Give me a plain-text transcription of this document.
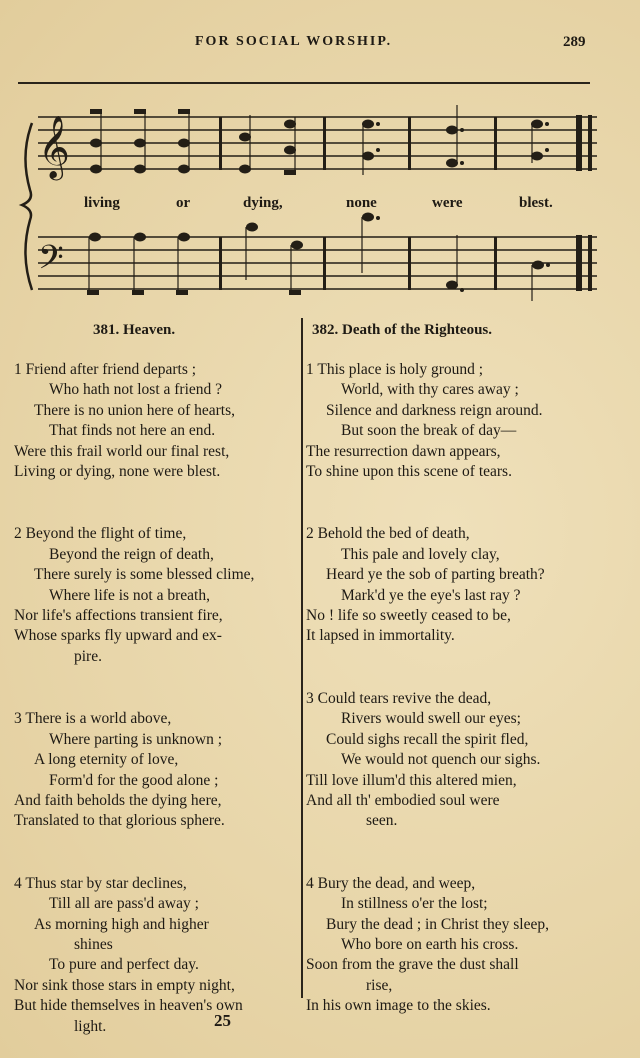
FOR SOCIAL WORSHIP.	289
𝄞
𝄢
living	or	dying,	none	were	blest.
381. Heaven.
1 Friend after friend departs ;
Who hath not lost a friend ?
There is no union here of hearts,
That finds not here an end.
Were this frail world our final rest,
Living or dying, none were blest.
2 Beyond the flight of time,
Beyond the reign of death,
There surely is some blessed clime,
Where life is not a breath,
Nor life's affections transient fire,
Whose sparks fly upward and ex-
pire.
3 There is a world above,
Where parting is unknown ;
A long eternity of love,
Form'd for the good alone ;
And faith beholds the dying here,
Translated to that glorious sphere.
4 Thus star by star declines,
Till all are pass'd away ;
As morning high and higher
shines
To pure and perfect day.
Nor sink those stars in empty night,
But hide themselves in heaven's own
light.
382. Death of the Righteous.
1 This place is holy ground ;
World, with thy cares away ;
Silence and darkness reign around.
But soon the break of day—
The resurrection dawn appears,
To shine upon this scene of tears.
2 Behold the bed of death,
This pale and lovely clay,
Heard ye the sob of parting breath?
Mark'd ye the eye's last ray ?
No ! life so sweetly ceased to be,
It lapsed in immortality.
3 Could tears revive the dead,
Rivers would swell our eyes;
Could sighs recall the spirit fled,
We would not quench our sighs.
Till love illum'd this altered mien,
And all th' embodied soul were
seen.
4 Bury the dead, and weep,
In stillness o'er the lost;
Bury the dead ; in Christ they sleep,
Who bore on earth his cross.
Soon from the grave the dust shall
rise,
In his own image to the skies.
25
